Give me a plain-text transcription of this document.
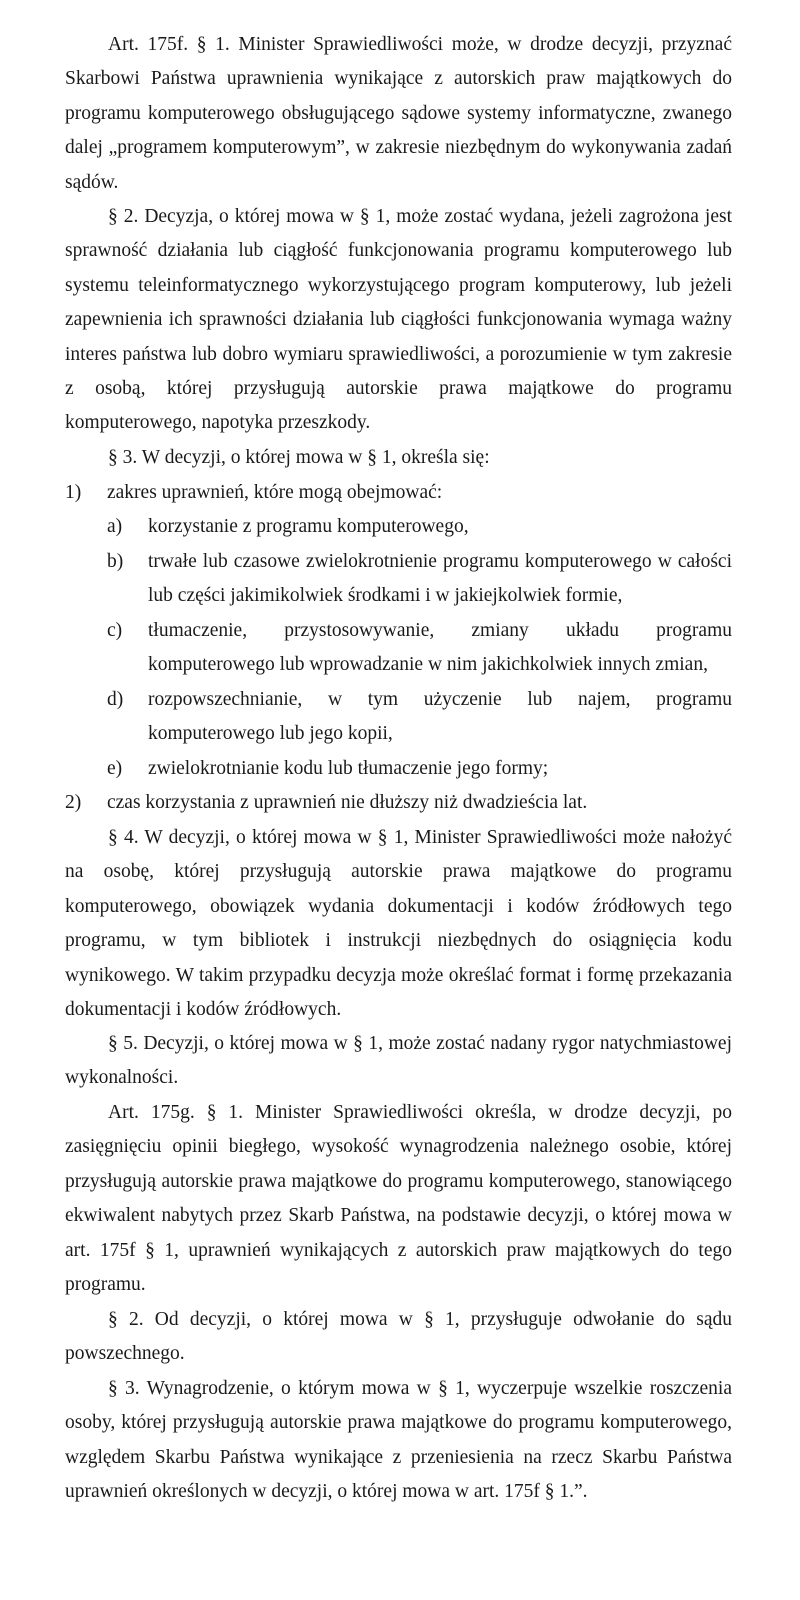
Art. 175f. § 1. Minister Sprawiedliwości może, w drodze decyzji, przyznać Skarbowi Państwa uprawnienia wynikające z autorskich praw majątkowych do programu komputerowego obsługującego sądowe systemy informatyczne, zwanego dalej „programem komputerowym”, w zakresie niezbędnym do wykonywania zadań sądów.

§ 2. Decyzja, o której mowa w § 1, może zostać wydana, jeżeli zagrożona jest sprawność działania lub ciągłość funkcjonowania programu komputerowego lub systemu teleinformatycznego wykorzystującego program komputerowy, lub jeżeli zapewnienia ich sprawności działania lub ciągłości funkcjonowania wymaga ważny interes państwa lub dobro wymiaru sprawiedliwości, a porozumienie w tym zakresie z osobą, której przysługują autorskie prawa majątkowe do programu komputerowego, napotyka przeszkody.

§ 3. W decyzji, o której mowa w § 1, określa się:

1) zakres uprawnień, które mogą obejmować:
a) korzystanie z programu komputerowego,
b) trwałe lub czasowe zwielokrotnienie programu komputerowego w całości lub części jakimikolwiek środkami i w jakiejkolwiek formie,
c) tłumaczenie, przystosowywanie, zmiany układu programu komputerowego lub wprowadzanie w nim jakichkolwiek innych zmian,
d) rozpowszechnianie, w tym użyczenie lub najem, programu komputerowego lub jego kopii,
e) zwielokrotnianie kodu lub tłumaczenie jego formy;
2) czas korzystania z uprawnień nie dłuższy niż dwadzieścia lat.

§ 4. W decyzji, o której mowa w § 1, Minister Sprawiedliwości może nałożyć na osobę, której przysługują autorskie prawa majątkowe do programu komputerowego, obowiązek wydania dokumentacji i kodów źródłowych tego programu, w tym bibliotek i instrukcji niezbędnych do osiągnięcia kodu wynikowego. W takim przypadku decyzja może określać format i formę przekazania dokumentacji i kodów źródłowych.

§ 5. Decyzji, o której mowa w § 1, może zostać nadany rygor natychmiastowej wykonalności.

Art. 175g. § 1. Minister Sprawiedliwości określa, w drodze decyzji, po zasięgnięciu opinii biegłego, wysokość wynagrodzenia należnego osobie, której przysługują autorskie prawa majątkowe do programu komputerowego, stanowiącego ekwiwalent nabytych przez Skarb Państwa, na podstawie decyzji, o której mowa w art. 175f § 1, uprawnień wynikających z autorskich praw majątkowych do tego programu.

§ 2. Od decyzji, o której mowa w § 1, przysługuje odwołanie do sądu powszechnego.

§ 3. Wynagrodzenie, o którym mowa w § 1, wyczerpuje wszelkie roszczenia osoby, której przysługują autorskie prawa majątkowe do programu komputerowego, względem Skarbu Państwa wynikające z przeniesienia na rzecz Skarbu Państwa uprawnień określonych w decyzji, o której mowa w art. 175f § 1.”.
